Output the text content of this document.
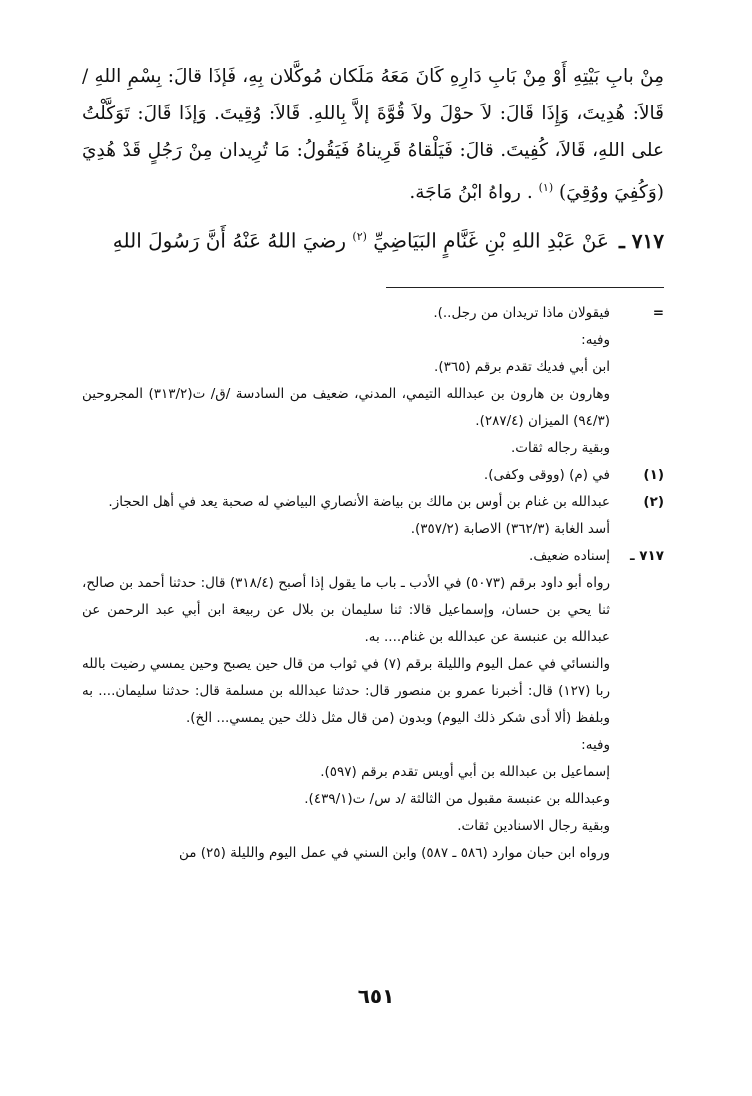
مِنْ بابِ بَيْتِهِ أَوْ مِنْ بَابِ دَارِهِ كَانَ مَعَهُ مَلَكان مُوكَّلان بِهِ، فَإذَا قالَ: بِسْمِ اللهِ / قَالاَ: هُدِيتَ، وَإِذَا قَالَ: لاَ حوْلَ ولاَ قُوَّةَ إلاَّ بِاللهِ. قَالاَ: وُقِيتَ. وَإذَا قَالَ: تَوَكَّلْتُ على اللهِ، قَالاَ، كُفِيتَ. قالَ: فَيَلْقاهُ قَرِيناهُ فَيَقُولُ: مَا تُرِيدان مِنْ رَجُلٍ قَدْ هُدِيَ (وَكُفِيَ ووُقِيَ) $^{(١)}$ . رواهُ ابْنُ مَاجَة.

٧١٧ ـ
عَنْ عَبْدِ اللهِ بْنِ غَنَّامٍ البَيَاضِيِّ $^{(٢)}$ رضيَ اللهُ عَنْهُ أَنَّ رَسُولَ اللهِ
=
فيقولان ماذا تريدان من رجل..).
وفيه:
ابن أبي فديك تقدم برقم (٣٦٥).
وهارون بن هارون بن عبدالله التيمي، المدني، ضعيف من السادسة /ق/ ت(٣١٣/٢) المجروحين (٩٤/٣) الميزان (٢٨٧/٤).
وبقية رجاله ثقات.
(١)
في (م) (ووقى وكفى).
(٢)
عبدالله بن غنام بن أوس بن مالك بن بياضة الأنصاري البياضي له صحبة يعد في أهل الحجاز.
أسد الغابة (٣٦٢/٣) الاصابة (٣٥٧/٢).
٧١٧ ـ
إسناده ضعيف.
رواه أبو داود برقم (٥٠٧٣) في الأدب ـ باب ما يقول إذا أصبح (٣١٨/٤) قال: حدثنا أحمد بن صالح، ثنا يحي بن حسان، وإسماعيل قالا: ثنا سليمان بن بلال عن ربيعة ابن أبي عبد الرحمن عن عبدالله بن عنبسة عن عبدالله بن غنام.... به.
والنسائي في عمل اليوم والليلة برقم (٧) في ثواب من قال حين يصبح وحين يمسي رضيت بالله ربا (١٢٧) قال: أخبرنا عمرو بن منصور قال: حدثنا عبدالله بن مسلمة قال: حدثنا سليمان.... به وبلفظ (ألا أدى شكر ذلك اليوم) وبدون (من قال مثل ذلك حين يمسي... الخ).
وفيه:
إسماعيل بن عبدالله بن أبي أويس تقدم برقم (٥٩٧).
وعبدالله بن عنبسة مقبول من الثالثة /د س/ ت(٤٣٩/١).
وبقية رجال الاسنادين ثقات.
ورواه ابن حبان موارد (٥٨٦ ـ ٥٨٧) وابن السني في عمل اليوم والليلة (٢٥) من
٦٥١
